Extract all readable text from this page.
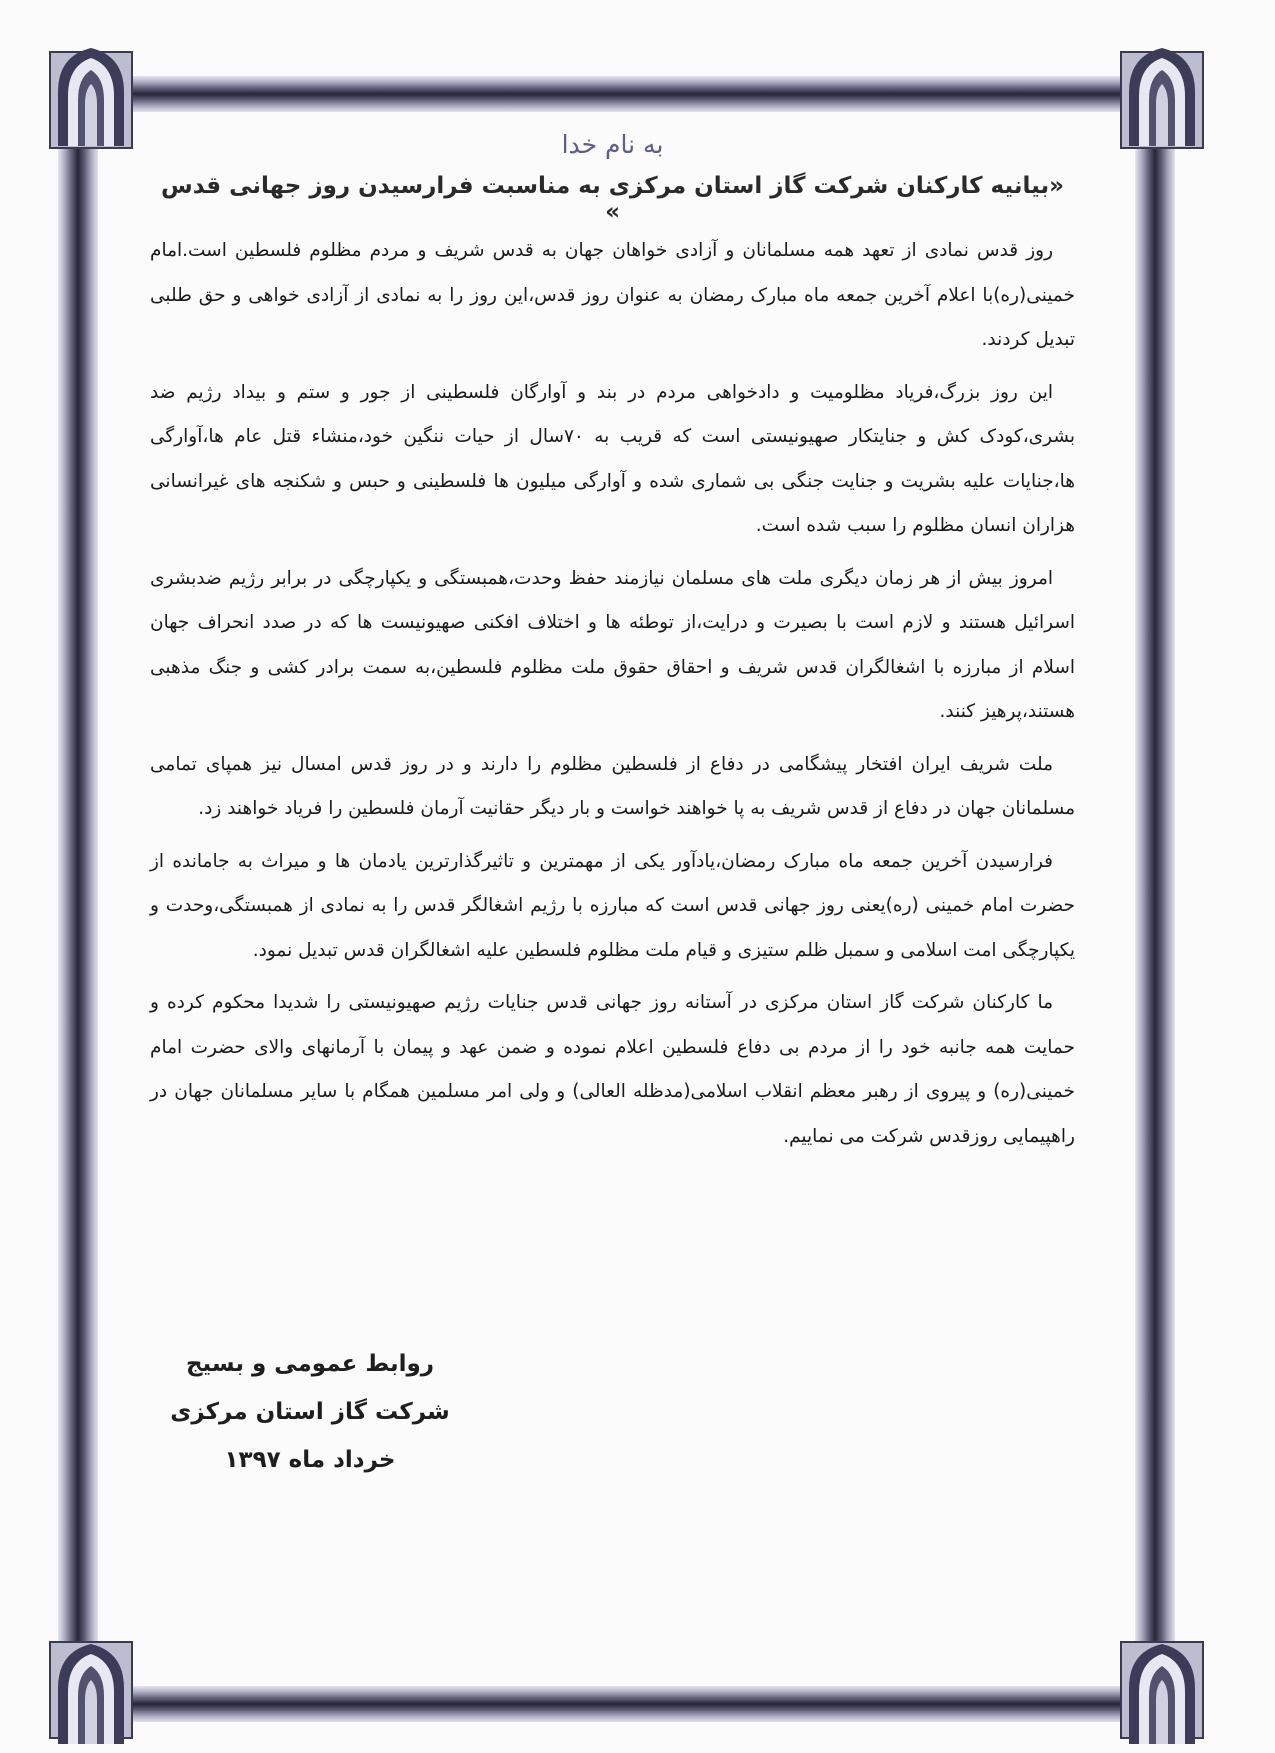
به نام خدا
«بیانیه کارکنان شرکت گاز استان مرکزی به مناسبت فرارسیدن روز جهانی قدس »

روز قدس نمادی از تعهد همه مسلمانان و آزادی خواهان جهان به قدس شریف و مردم مظلوم فلسطین است.امام خمینی(ره)با اعلام آخرین جمعه ماه مبارک رمضان به عنوان روز قدس،این روز را به نمادی از آزادی خواهی و حق طلبی تبدیل کردند.

این روز بزرگ،فریاد مظلومیت و دادخواهی مردم در بند و آوارگان فلسطینی از جور و ستم و بیداد رژیم ضد بشری،کودک کش و جنایتکار صهیونیستی است که قریب به ۷۰سال از حیات ننگین خود،منشاء قتل عام ها،آوارگی ها،جنایات علیه بشریت و جنایت جنگی بی شماری شده و آوارگی میلیون ها فلسطینی و حبس و شکنجه های غیرانسانی هزاران انسان مظلوم را سبب شده است.

امروز بیش از هر زمان دیگری ملت های مسلمان نیازمند حفظ وحدت،همبستگی و یکپارچگی در برابر رژیم ضدبشری اسرائیل هستند و لازم است با بصیرت و درایت،از توطئه ها و اختلاف افکنی صهیونیست ها که در صدد انحراف جهان اسلام از مبارزه با اشغالگران قدس شریف و احقاق حقوق ملت مظلوم فلسطین،به سمت برادر کشی و جنگ مذهبی هستند،پرهیز کنند.

ملت شریف ایران افتخار پیشگامی در دفاع از فلسطین مظلوم را دارند و در روز قدس امسال نیز همپای تمامی مسلمانان جهان در دفاع از قدس شریف به پا خواهند خواست و بار دیگر حقانیت آرمان فلسطین را فریاد خواهند زد.

فرارسیدن آخرین جمعه ماه مبارک رمضان،یادآور یکی از مهمترین و تاثیرگذارترین یادمان ها و میراث به جامانده از حضرت امام خمینی (ره)یعنی روز جهانی قدس است که مبارزه با رژیم اشغالگر قدس را به نمادی از همبستگی،وحدت و یکپارچگی امت اسلامی و سمبل ظلم ستیزی و قیام ملت مظلوم فلسطین علیه اشغالگران قدس تبدیل نمود.

ما کارکنان شرکت گاز استان مرکزی در آستانه روز جهانی قدس جنایات رژیم صهیونیستی را شدیدا محکوم کرده و حمایت همه جانبه خود را از مردم بی دفاع فلسطین اعلام نموده و ضمن عهد و پیمان با آرمانهای والای حضرت امام خمینی(ره) و پیروی از رهبر معظم انقلاب اسلامی(مدظله العالی) و ولی امر مسلمین همگام با سایر مسلمانان جهان در راهپیمایی روزقدس شرکت می نماییم.

روابط عمومی و بسیج
شرکت گاز استان مرکزی
خرداد ماه ۱۳۹۷
